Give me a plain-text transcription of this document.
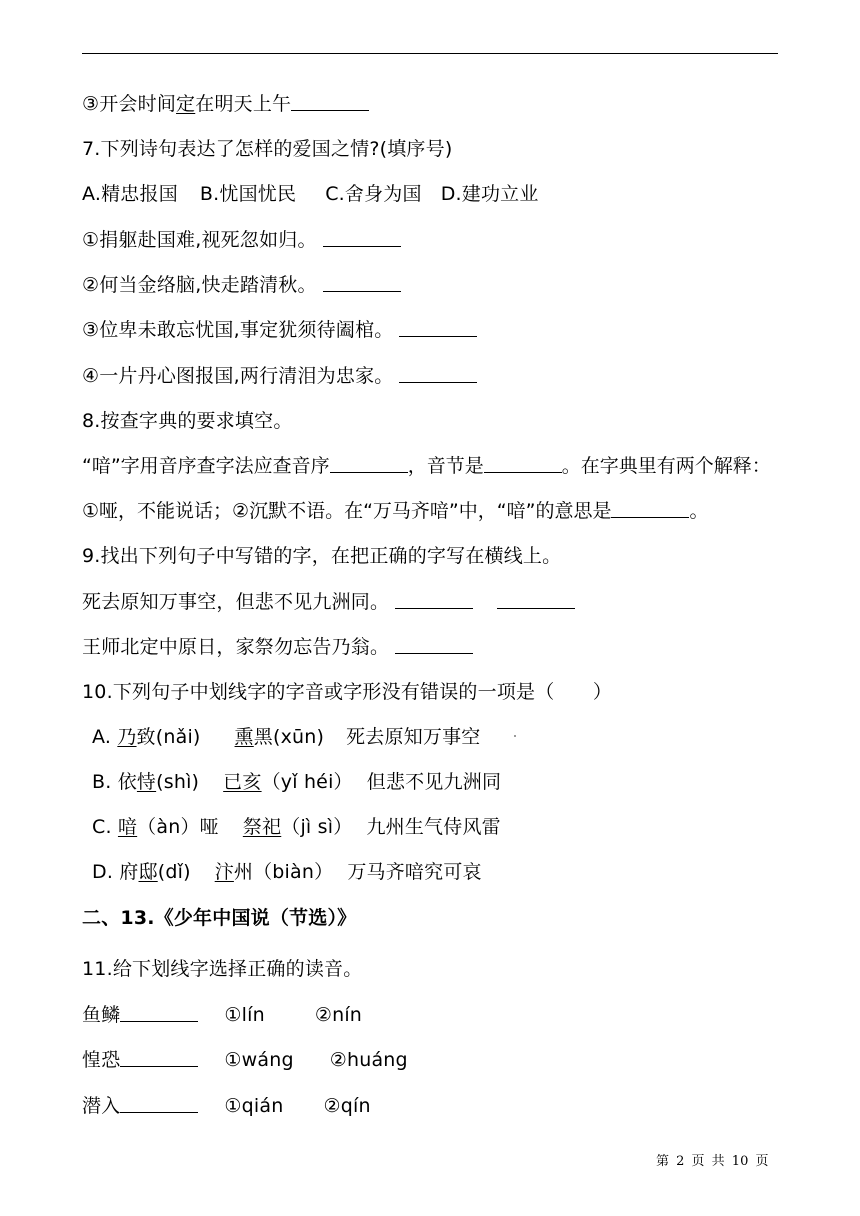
③开会时间定在明天上午
7.下列诗句表达了怎样的爱国之情?(填序号)
A.精忠报国 B.忧国忧民 C.舍身为国 D.建功立业
①捐躯赴国难,视死忽如归。
②何当金络脑,快走踏清秋。
③位卑未敢忘忧国,事定犹须待阖棺。
④一片丹心图报国,两行清泪为忠家。
8.按查字典的要求填空。
“喑”字用音序查字法应查音序	，音节是	。在字典里有两个解释：
①哑，不能说话；②沉默不语。在“万马齐喑”中，“喑”的意思是	。
9.找出下列句子中写错的字，在把正确的字写在横线上。
死去原知万事空，但悲不见九洲同。
王师北定中原日，家祭勿忘告乃翁。
10.下列句子中划线字的字音或字形没有错误的一项是（　　）
A. 乃致(nǎi) 熏黑(xūn) 死去原知万事空
B. 依恃(shì) 已亥（yǐ héi） 但悲不见九洲同
C. 喑（àn）哑 祭祀（jì sì） 九州生气侍风雷
D. 府邸(dǐ) 汴州（biàn） 万马齐喑究可哀
二、13.《少年中国说（节选）》
11.给下划线字选择正确的读音。
鱼鳞	①lín	②nín
惶恐	①wáng ②huáng
潜入	①qián ②qín
第 2 页 共 10 页
